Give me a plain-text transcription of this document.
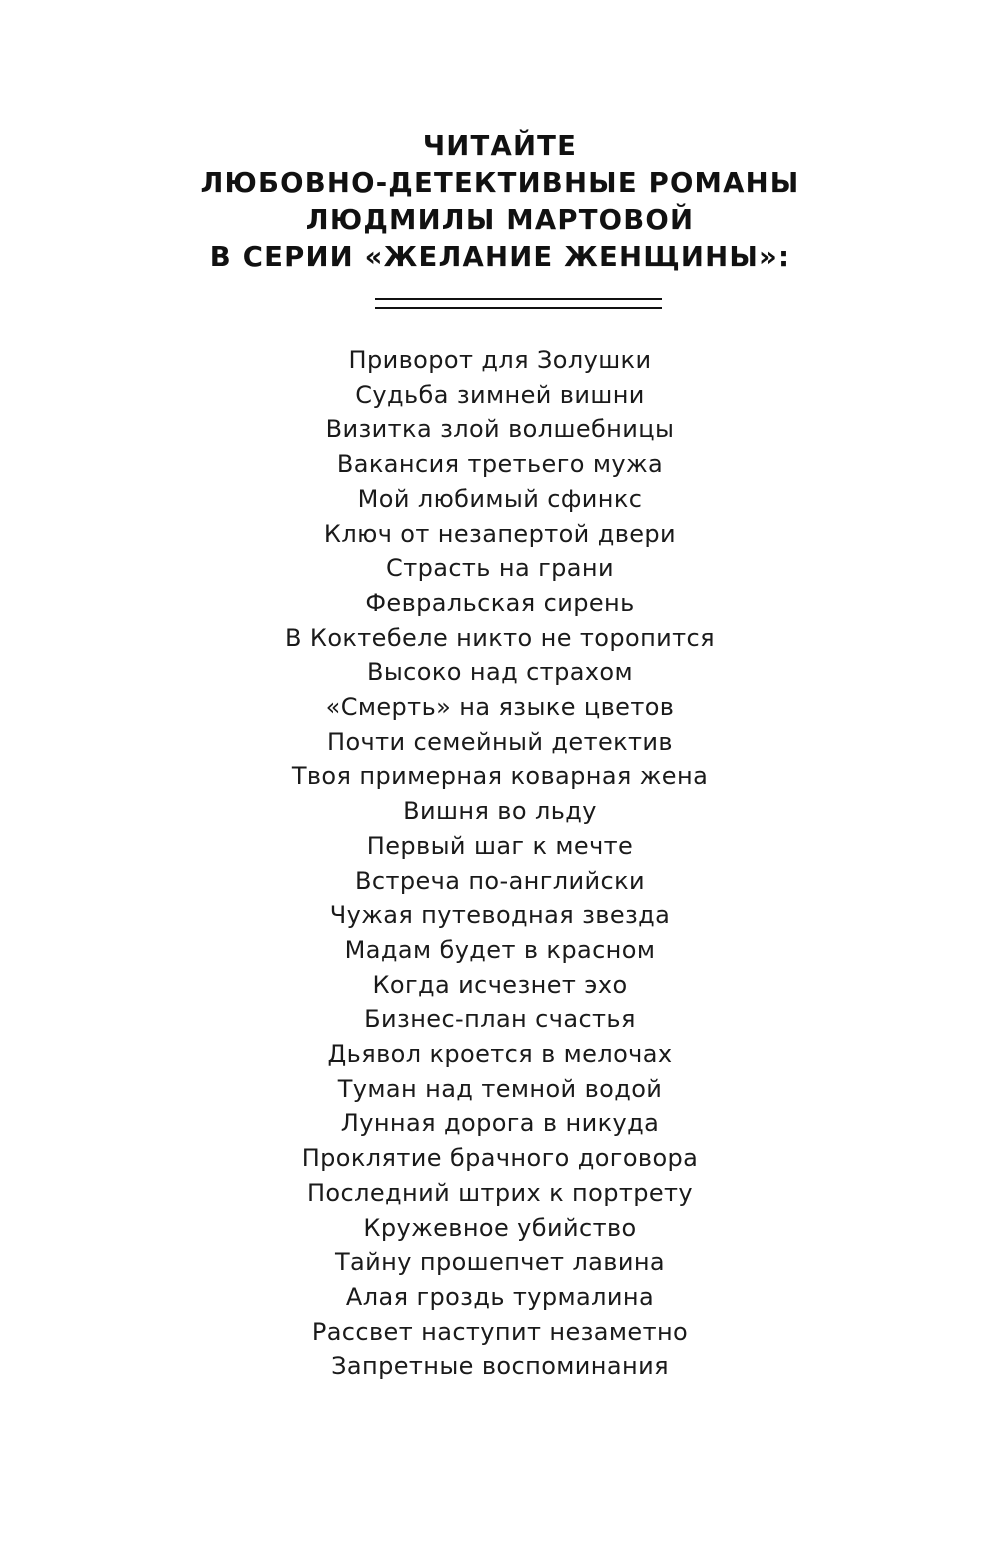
ЧИТАЙТЕ
ЛЮБОВНО-ДЕТЕКТИВНЫЕ РОМАНЫ
ЛЮДМИЛЫ МАРТОВОЙ
В СЕРИИ «ЖЕЛАНИЕ ЖЕНЩИНЫ»:
Приворот для Золушки
Судьба зимней вишни
Визитка злой волшебницы
Вакансия третьего мужа
Мой любимый сфинкс
Ключ от незапертой двери
Страсть на грани
Февральская сирень
В Коктебеле никто не торопится
Высоко над страхом
«Смерть» на языке цветов
Почти семейный детектив
Твоя примерная коварная жена
Вишня во льду
Первый шаг к мечте
Встреча по-английски
Чужая путеводная звезда
Мадам будет в красном
Когда исчезнет эхо
Бизнес-план счастья
Дьявол кроется в мелочах
Туман над темной водой
Лунная дорога в никуда
Проклятие брачного договора
Последний штрих к портрету
Кружевное убийство
Тайну прошепчет лавина
Алая гроздь турмалина
Рассвет наступит незаметно
Запретные воспоминания
